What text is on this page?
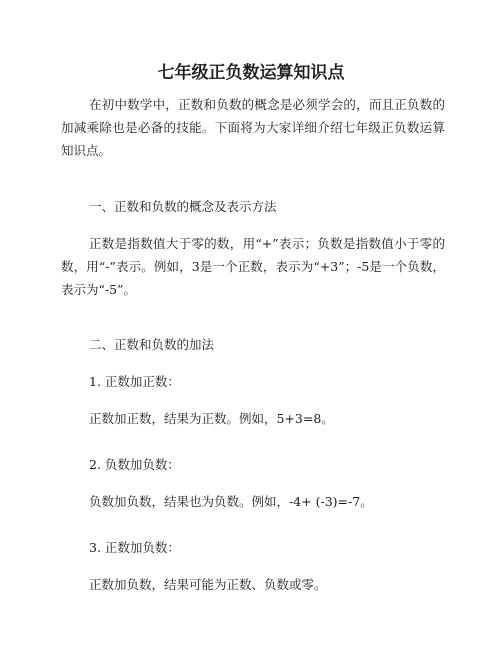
七年级正负数运算知识点

在初中数学中，正数和负数的概念是必须学会的，而且正负数的加减乘除也是必备的技能。下面将为大家详细介绍七年级正负数运算知识点。

一、正数和负数的概念及表示方法

正数是指数值大于零的数，用“+”表示；负数是指数值小于零的数，用“-”表示。例如，3是一个正数，表示为“+3”；-5是一个负数，表示为“-5”。

二、正数和负数的加法

1. 正数加正数：

正数加正数，结果为正数。例如，5+3=8。

2. 负数加负数：

负数加负数，结果也为负数。例如，-4+ (-3)=-7。

3. 正数加负数：

正数加负数，结果可能为正数、负数或零。
